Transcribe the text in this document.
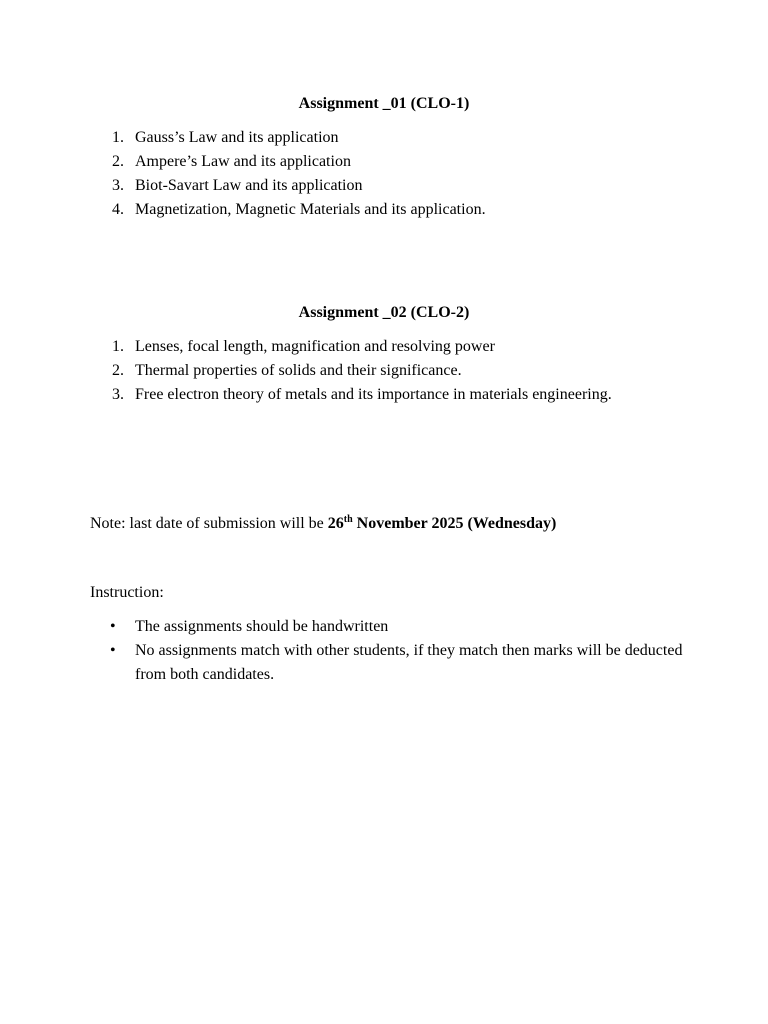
Assignment _01 (CLO-1)
1. Gauss’s Law and its application
2. Ampere’s Law and its application
3. Biot-Savart Law and its application
4. Magnetization, Magnetic Materials and its application.
Assignment _02 (CLO-2)
1. Lenses, focal length, magnification and resolving power
2. Thermal properties of solids and their significance.
3. Free electron theory of metals and its importance in materials engineering.

Note: last date of submission will be 26th November 2025 (Wednesday)

Instruction:

• The assignments should be handwritten
• No assignments match with other students, if they match then marks will be deducted from both candidates.
